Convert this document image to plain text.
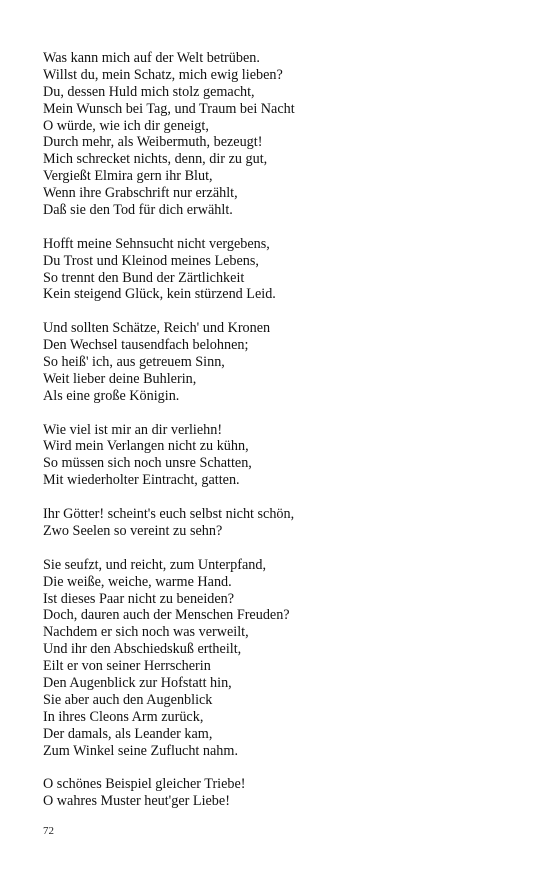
Was kann mich auf der Welt betrüben.
Willst du, mein Schatz, mich ewig lieben?
Du, dessen Huld mich stolz gemacht,
Mein Wunsch bei Tag, und Traum bei Nacht
O würde, wie ich dir geneigt,
Durch mehr, als Weibermuth, bezeugt!
Mich schrecket nichts, denn, dir zu gut,
Vergießt Elmira gern ihr Blut,
Wenn ihre Grabschrift nur erzählt,
Daß sie den Tod für dich erwählt.
Hofft meine Sehnsucht nicht vergebens,
Du Trost und Kleinod meines Lebens,
So trennt den Bund der Zärtlichkeit
Kein steigend Glück, kein stürzend Leid.
Und sollten Schätze, Reich' und Kronen
Den Wechsel tausendfach belohnen;
So heiß' ich, aus getreuem Sinn,
Weit lieber deine Buhlerin,
Als eine große Königin.
Wie viel ist mir an dir verliehn!
Wird mein Verlangen nicht zu kühn,
So müssen sich noch unsre Schatten,
Mit wiederholter Eintracht, gatten.
Ihr Götter! scheint's euch selbst nicht schön,
Zwo Seelen so vereint zu sehn?
Sie seufzt, und reicht, zum Unterpfand,
Die weiße, weiche, warme Hand.
Ist dieses Paar nicht zu beneiden?
Doch, dauren auch der Menschen Freuden?
Nachdem er sich noch was verweilt,
Und ihr den Abschiedskuß ertheilt,
Eilt er von seiner Herrscherin
Den Augenblick zur Hofstatt hin,
Sie aber auch den Augenblick
In ihres Cleons Arm zurück,
Der damals, als Leander kam,
Zum Winkel seine Zuflucht nahm.
O schönes Beispiel gleicher Triebe!
O wahres Muster heut'ger Liebe!
72
